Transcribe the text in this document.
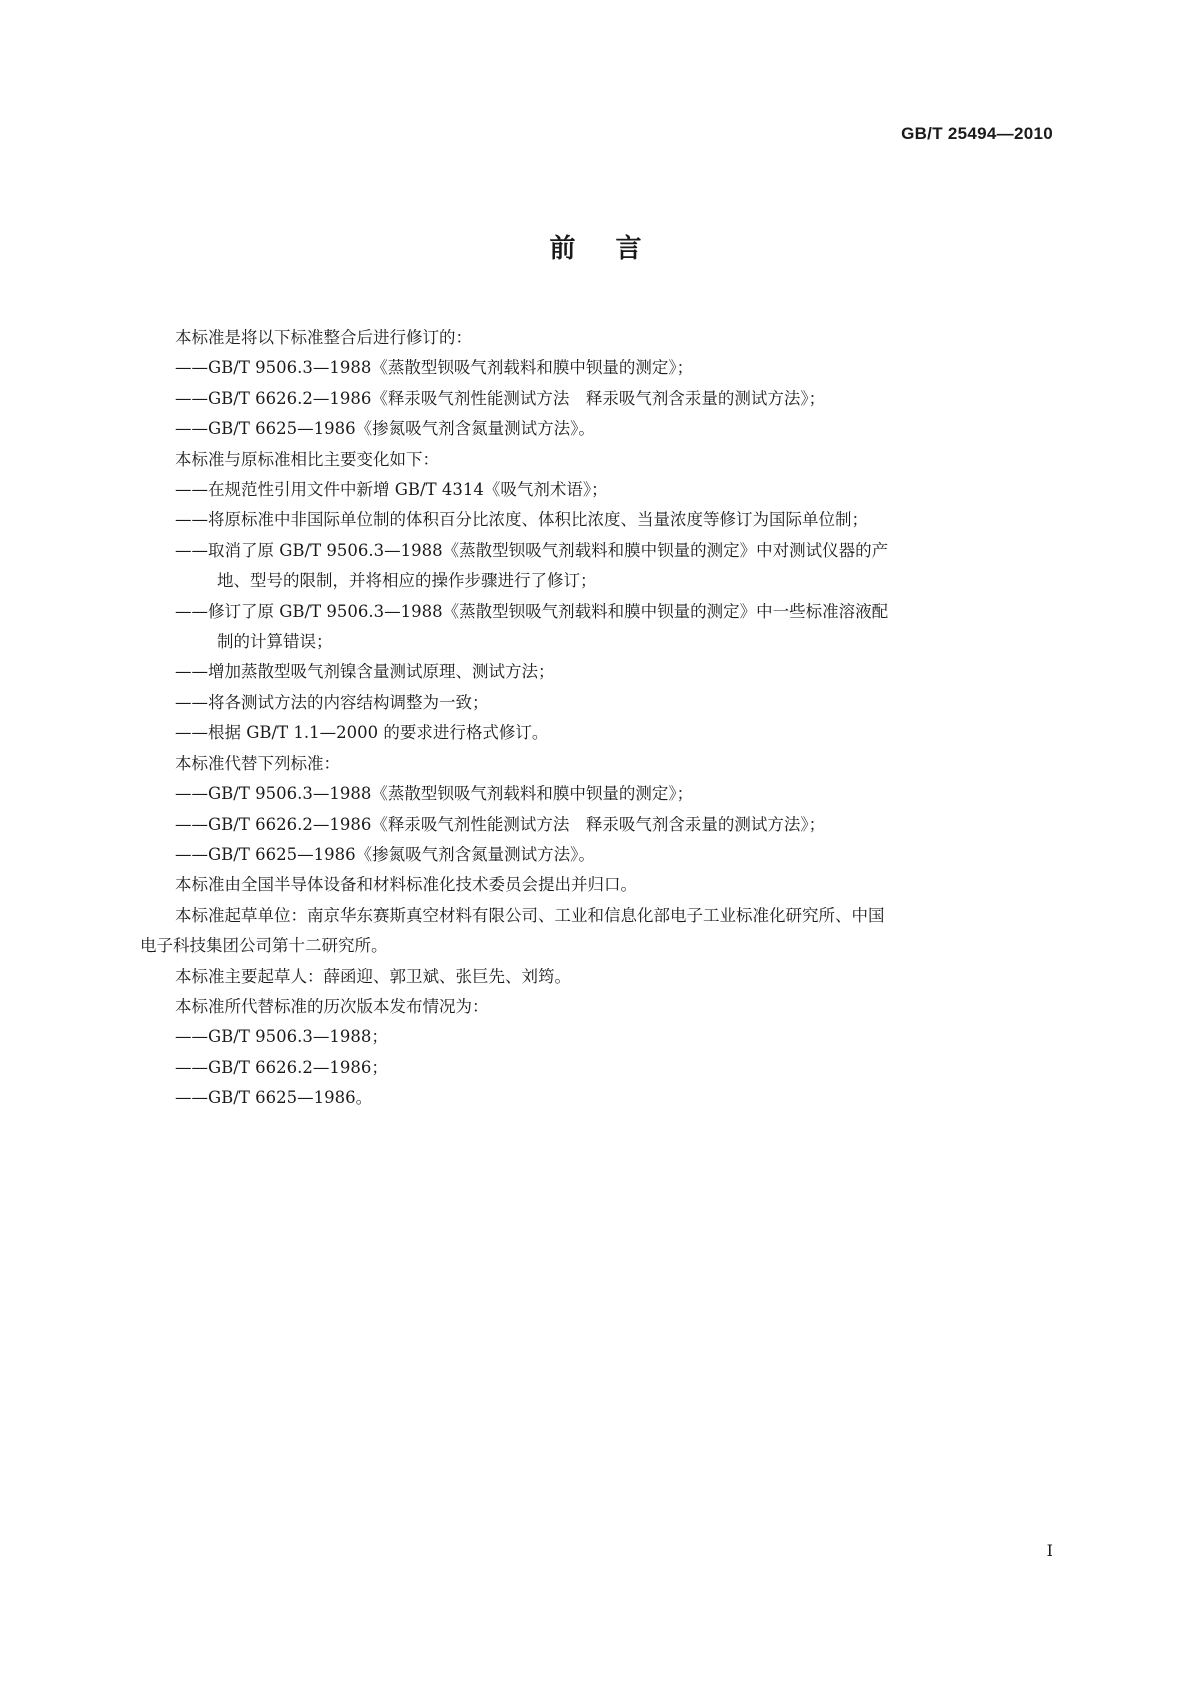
GB/T 25494—2010
前言

本标准是将以下标准整合后进行修订的：

——GB/T 9506.3—1988《蒸散型钡吸气剂载料和膜中钡量的测定》；

——GB/T 6626.2—1986《释汞吸气剂性能测试方法　释汞吸气剂含汞量的测试方法》；

——GB/T 6625—1986《掺氮吸气剂含氮量测试方法》。

本标准与原标准相比主要变化如下：

——在规范性引用文件中新增 GB/T 4314《吸气剂术语》；

——将原标准中非国际单位制的体积百分比浓度、体积比浓度、当量浓度等修订为国际单位制；

——取消了原 GB/T 9506.3—1988《蒸散型钡吸气剂载料和膜中钡量的测定》中对测试仪器的产

地、型号的限制，并将相应的操作步骤进行了修订；

——修订了原 GB/T 9506.3—1988《蒸散型钡吸气剂载料和膜中钡量的测定》中一些标准溶液配

制的计算错误；

——增加蒸散型吸气剂镍含量测试原理、测试方法；

——将各测试方法的内容结构调整为一致；

——根据 GB/T 1.1—2000 的要求进行格式修订。

本标准代替下列标准：

——GB/T 9506.3—1988《蒸散型钡吸气剂载料和膜中钡量的测定》；

——GB/T 6626.2—1986《释汞吸气剂性能测试方法　释汞吸气剂含汞量的测试方法》；

——GB/T 6625—1986《掺氮吸气剂含氮量测试方法》。

本标准由全国半导体设备和材料标准化技术委员会提出并归口。

本标准起草单位：南京华东赛斯真空材料有限公司、工业和信息化部电子工业标准化研究所、中国

电子科技集团公司第十二研究所。

本标准主要起草人：薛函迎、郭卫斌、张巨先、刘筠。

本标准所代替标准的历次版本发布情况为：

——GB/T 9506.3—1988；

——GB/T 6626.2—1986；

——GB/T 6625—1986。

I
